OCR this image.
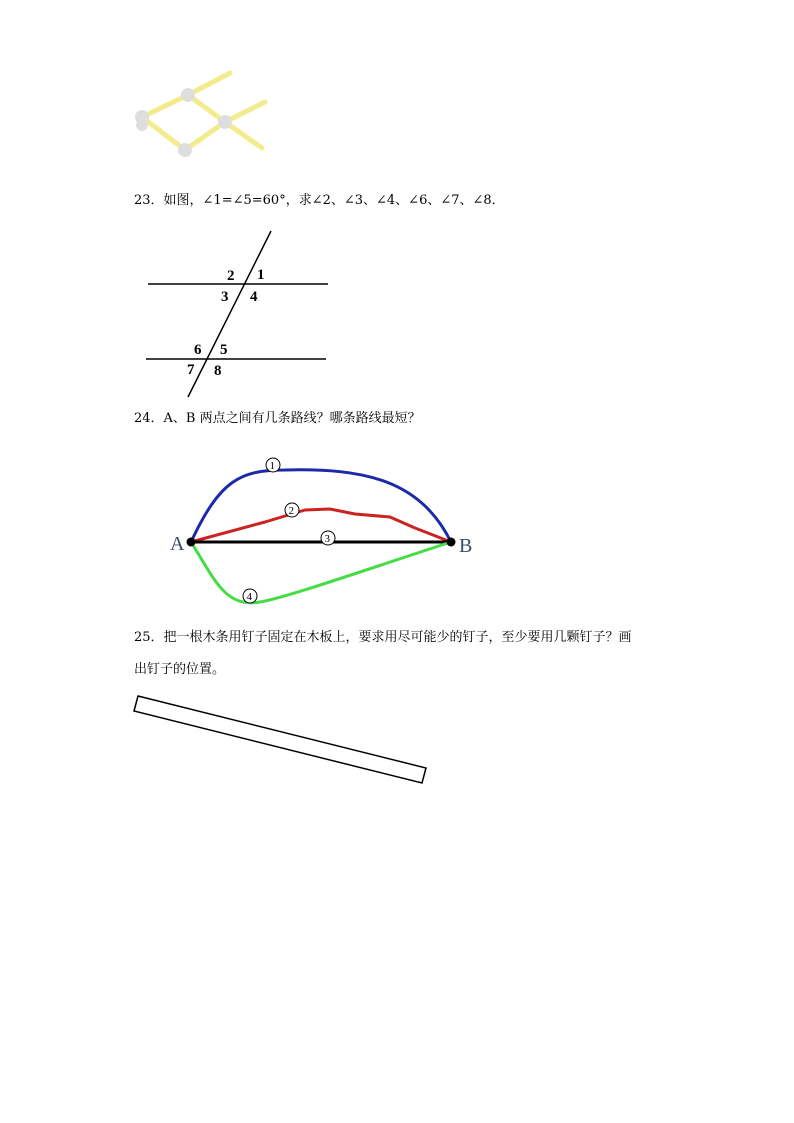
23．如图，∠1=∠5=60°，求∠2、∠3、∠4、∠6、∠7、∠8．
1
2
3 4
5
6
7 8
24．A、B 两点之间有几条路线？哪条路线最短？
A	B
1
2
3
4
25．把一根木条用钉子固定在木板上，要求用尽可能少的钉子，至少要用几颗钉子？画
出钉子的位置。
